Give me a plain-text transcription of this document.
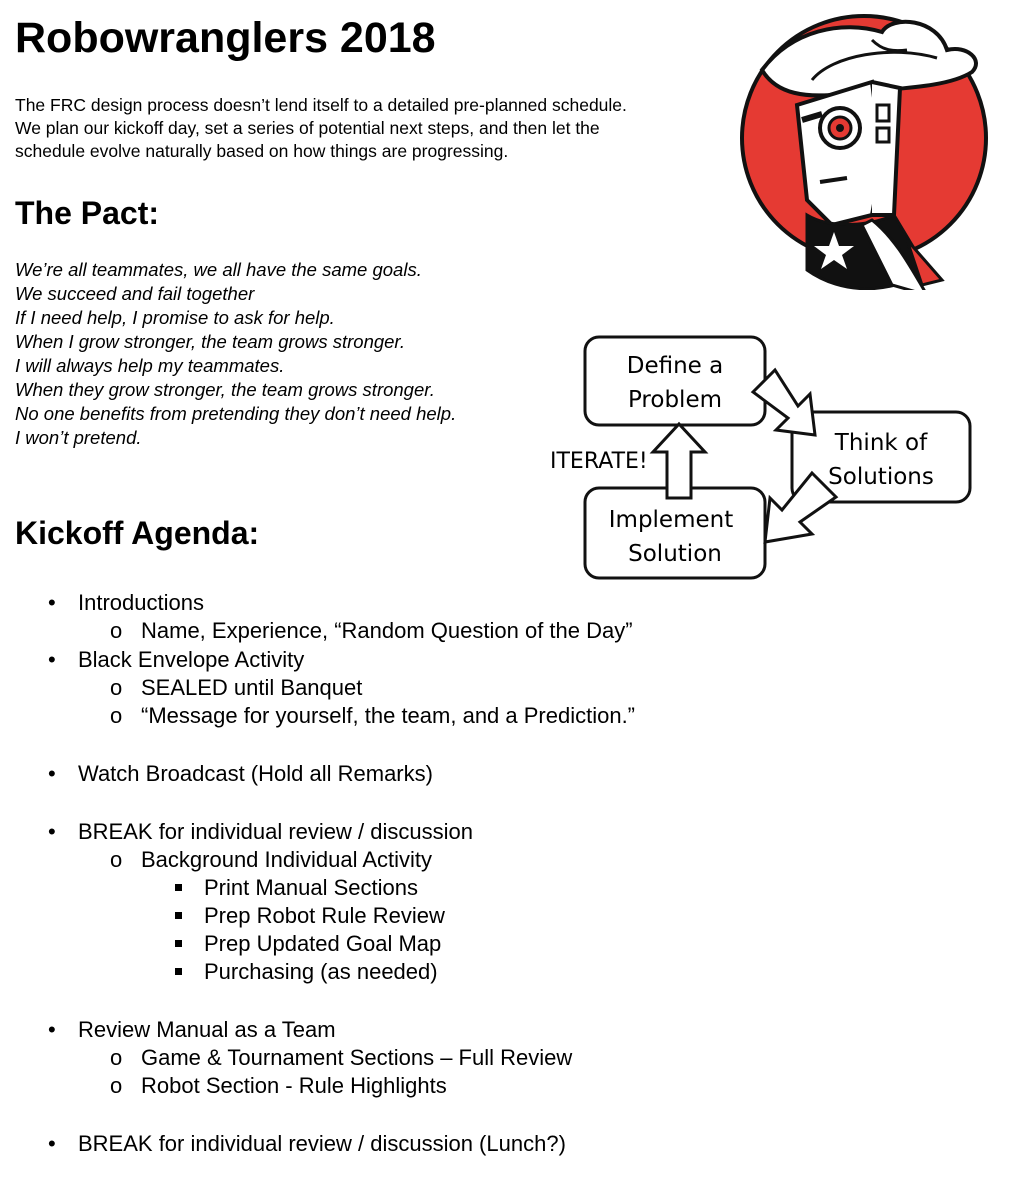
Robowranglers 2018
The FRC design process doesn’t lend itself to a detailed pre-planned schedule.
We plan our kickoff day, set a series of potential next steps, and then let the
schedule evolve naturally based on how things are progressing.
The Pact:
We’re all teammates, we all have the same goals.
We succeed and fail together
If I need help, I promise to ask for help.
When I grow stronger, the team grows stronger.
I will always help my teammates.
When they grow stronger, the team grows stronger.
No one benefits from pretending they don’t need help.
I won’t pretend.
Define a
Problem
Think of
Solutions
Implement
Solution
ITERATE!
Kickoff Agenda:
• Introductions
o Name, Experience, “Random Question of the Day”
• Black Envelope Activity
o SEALED until Banquet
o “Message for yourself, the team, and a Prediction.”
• Watch Broadcast (Hold all Remarks)
• BREAK for individual review / discussion
o Background Individual Activity
Print Manual Sections
Prep Robot Rule Review
Prep Updated Goal Map
Purchasing (as needed)
• Review Manual as a Team
o Game & Tournament Sections – Full Review
o Robot Section - Rule Highlights
• BREAK for individual review / discussion (Lunch?)
